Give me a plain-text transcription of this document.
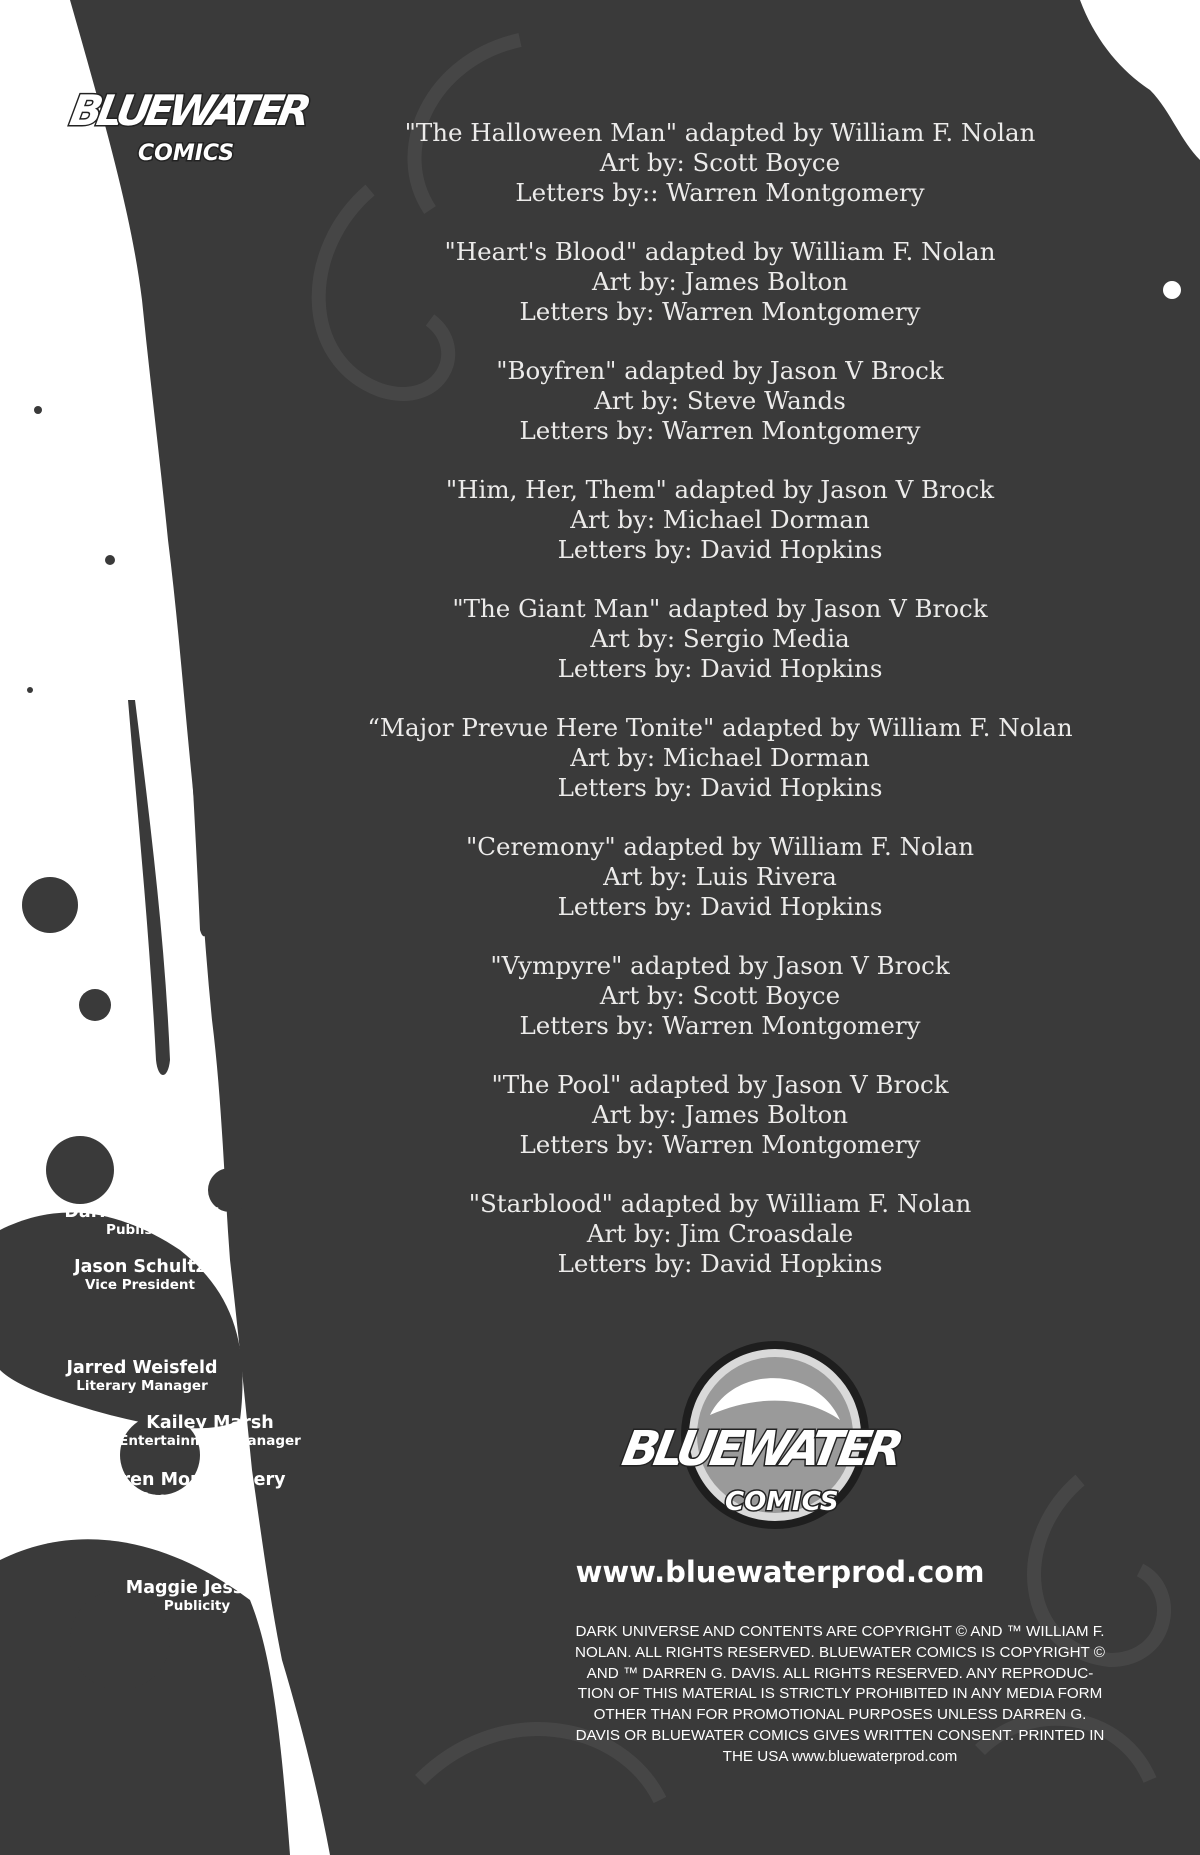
BLUEWATER
COMICS
"The Halloween Man" adapted by William F. Nolan
Art by: Scott Boyce
Letters by:: Warren Montgomery
"Heart's Blood" adapted by William F. Nolan
Art by: James Bolton
Letters by: Warren Montgomery
"Boyfren" adapted by Jason V Brock
Art by: Steve Wands
Letters by: Warren Montgomery
"Him, Her, Them" adapted by Jason V Brock
Art by: Michael Dorman
Letters by: David Hopkins
"The Giant Man" adapted by Jason V Brock
Art by: Sergio Media
Letters by: David Hopkins
“Major Prevue Here Tonite" adapted by William F. Nolan
Art by: Michael Dorman
Letters by: David Hopkins
"Ceremony" adapted by William F. Nolan
Art by: Luis Rivera
Letters by: David Hopkins
"Vympyre" adapted by Jason V Brock
Art by: Scott Boyce
Letters by: Warren Montgomery
"The Pool" adapted by Jason V Brock
Art by: James Bolton
Letters by: Warren Montgomery
"Starblood" adapted by William F. Nolan
Art by: Jim Croasdale
Letters by: David Hopkins
Darren G. Davis
Publisher
Jason Schultz
Vice President
Jarred Weisfeld
Literary Manager
Kailey Marsh
Entertainment Manager
Warren Montgomery
Coordinator
Maggie Jessup
Publicity
BLUEWATER
COMICS
www.bluewaterprod.com
DARK UNIVERSE AND CONTENTS ARE COPYRIGHT © AND ™ WILLIAM F.
NOLAN. ALL RIGHTS RESERVED. BLUEWATER COMICS IS COPYRIGHT ©
AND ™ DARREN G. DAVIS. ALL RIGHTS RESERVED. ANY REPRODUC-
TION OF THIS MATERIAL IS STRICTLY PROHIBITED IN ANY MEDIA FORM
OTHER THAN FOR PROMOTIONAL PURPOSES UNLESS DARREN G.
DAVIS OR BLUEWATER COMICS GIVES WRITTEN CONSENT. PRINTED IN
THE USA www.bluewaterprod.com
